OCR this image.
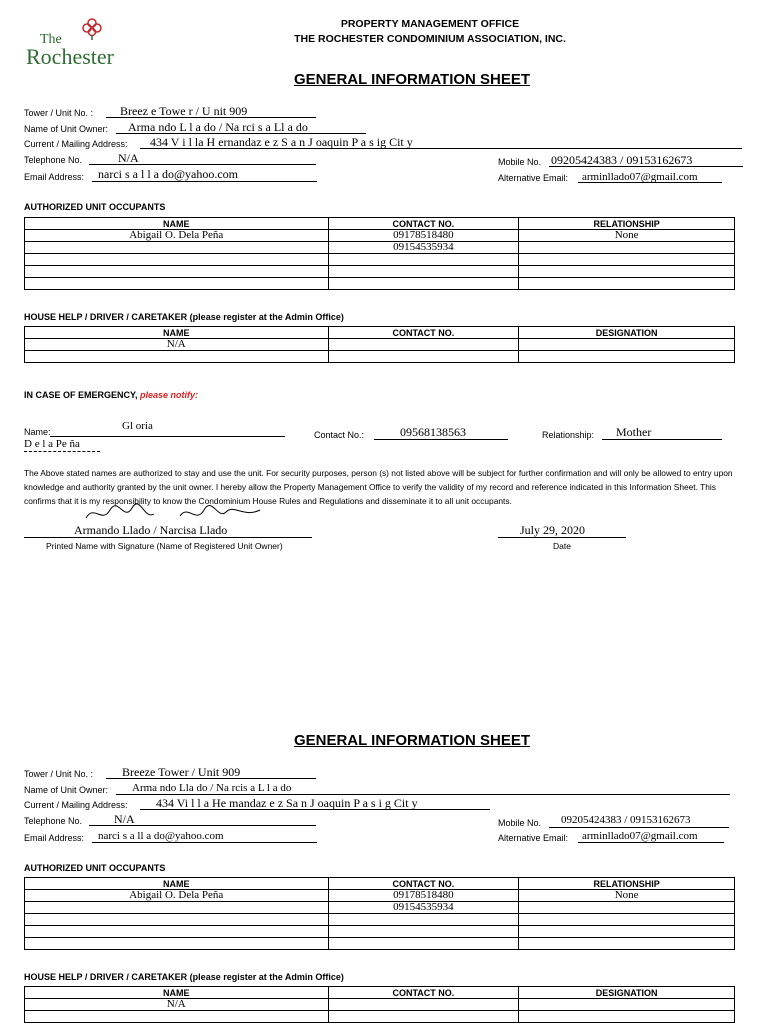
The
Rochester
PROPERTY MANAGEMENT OFFICE
THE ROCHESTER CONDOMINIUM ASSOCIATION, INC.
GENERAL INFORMATION SHEET
Tower / Unit No. : Breez e Towe r / U nit 909
Name of Unit Owner: Arma ndo L l a do / Na rci s a Ll a do
Current / Mailing Address: 434 V i l la H ernandaz e z S a n J oaquin P a s ig Cit y
Telephone No.	N/A	Mobile No. 09205424383 / 09153162673
Email Address: narci s a l l a do@yahoo.com	Alternative Email: arminllado07@gmail.com
AUTHORIZED UNIT OCCUPANTS
NAME	CONTACT NO.	RELATIONSHIP
Abigail O. Dela Peña	09178518480	None
	09154535934	

HOUSE HELP / DRIVER / CARETAKER (please register at the Admin Office)
NAME	CONTACT NO.	DESIGNATION
N/A		

IN CASE OF EMERGENCY, please notify:
Name:	Gl oria
D e l a Pe ña
Contact No.:	09568138563	Relationship: Mother
The Above stated names are authorized to stay and use the unit. For security purposes, person (s) not listed above will be subject for further confirmation and will only be allowed to entry upon knowledge and authority granted by the unit owner. I hereby allow the Property Management Office to verify the validity of my record and reference indicated in this Information Sheet. This confirms that it is my responsibility to know the Condominium House Rules and Regulations and disseminate it to all unit occupants.
Armando Llado / Narcisa Llado
Printed Name with Signature (Name of Registered Unit Owner)
July 29, 2020
Date
GENERAL INFORMATION SHEET
Tower / Unit No. : Breeze Tower / Unit 909
Name of Unit Owner: Arma ndo Lla do / Na rcis a L l a do
Current / Mailing Address: 434 Vi l l a He mandaz e z Sa n J oaquin P a s i g Cit y
Telephone No.	N/A	Mobile No. 09205424383 / 09153162673
Email Address: narci s a ll a do@yahoo.com	Alternative Email: arminllado07@gmail.com
AUTHORIZED UNIT OCCUPANTS
NAME	CONTACT NO.	RELATIONSHIP
Abigail O. Dela Peña	09178518480	None
	09154535934	

HOUSE HELP / DRIVER / CARETAKER (please register at the Admin Office)
NAME	CONTACT NO.	DESIGNATION
N/A		
